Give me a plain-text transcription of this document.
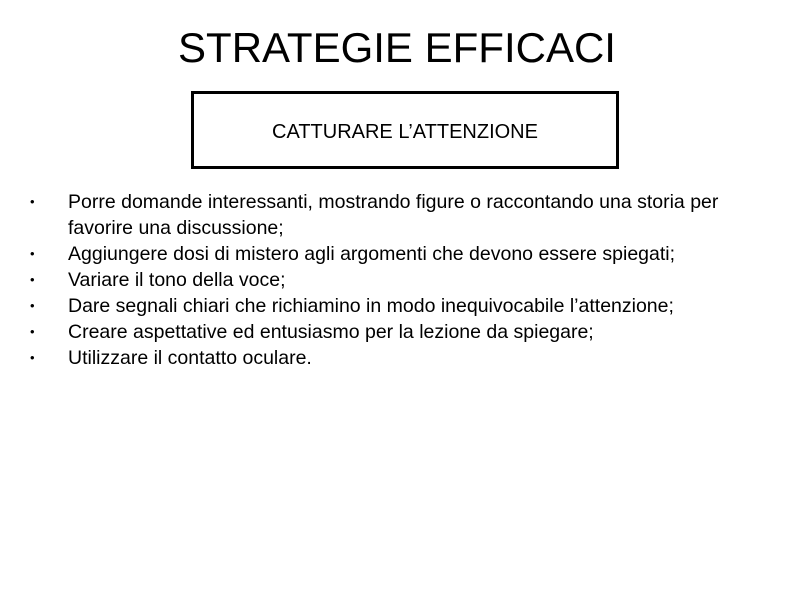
STRATEGIE EFFICACI
CATTURARE L’ATTENZIONE
• Porre domande interessanti, mostrando figure o raccontando una storia per favorire una discussione;
• Aggiungere dosi di mistero agli argomenti che devono essere spiegati;
• Variare il tono della voce;
• Dare segnali chiari che richiamino in modo inequivocabile l’attenzione;
• Creare aspettative ed entusiasmo per la lezione da spiegare;
• Utilizzare il contatto oculare.
